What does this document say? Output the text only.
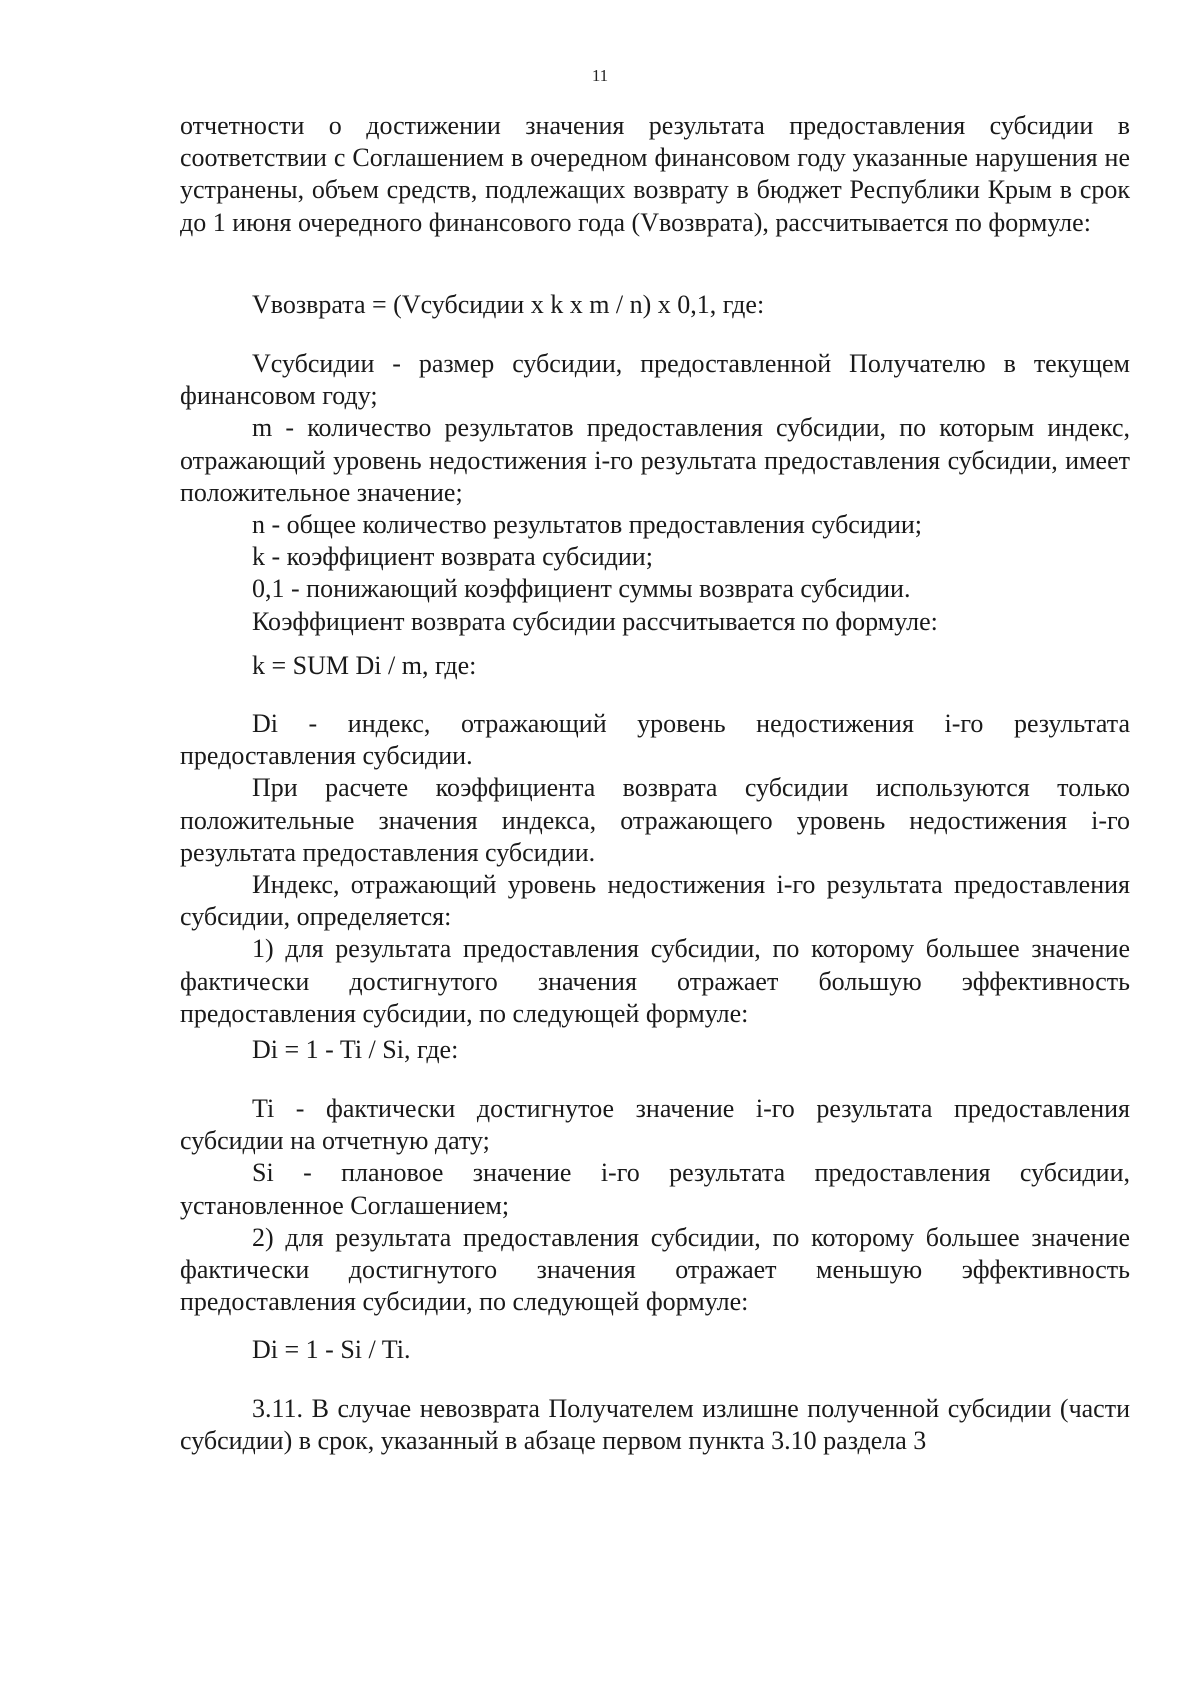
11

отчетности о достижении значения результата предоставления субсидии в соответствии с Соглашением в очередном финансовом году указанные нарушения не устранены, объем средств, подлежащих возврату в бюджет Республики Крым в срок до 1 июня очередного финансового года (Vвозврата), рассчитывается по формуле:

Vвозврата = (Vсубсидии x k x m / n) x 0,1, где:

Vсубсидии - размер субсидии, предоставленной Получателю в текущем финансовом году;

m - количество результатов предоставления субсидии, по которым индекс, отражающий уровень недостижения i-го результата предоставления субсидии, имеет положительное значение;

n - общее количество результатов предоставления субсидии;

k - коэффициент возврата субсидии;

0,1 - понижающий коэффициент суммы возврата субсидии.

Коэффициент возврата субсидии рассчитывается по формуле:

k = SUM Di / m, где:

Di - индекс, отражающий уровень недостижения i-го результата предоставления субсидии.

При расчете коэффициента возврата субсидии используются только положительные значения индекса, отражающего уровень недостижения i-го результата предоставления субсидии.

Индекс, отражающий уровень недостижения i-го результата предоставления субсидии, определяется:

1) для результата предоставления субсидии, по которому большее значение фактически достигнутого значения отражает большую эффективность предоставления субсидии, по следующей формуле:

Di = 1 - Ti / Si, где:

Ti - фактически достигнутое значение i-го результата предоставления субсидии на отчетную дату;

Si - плановое значение i-го результата предоставления субсидии, установленное Соглашением;

2) для результата предоставления субсидии, по которому большее значение фактически достигнутого значения отражает меньшую эффективность предоставления субсидии, по следующей формуле:

Di = 1 - Si / Ti.

3.11. В случае невозврата Получателем излишне полученной субсидии (части субсидии) в срок, указанный в абзаце первом пункта 3.10 раздела 3
